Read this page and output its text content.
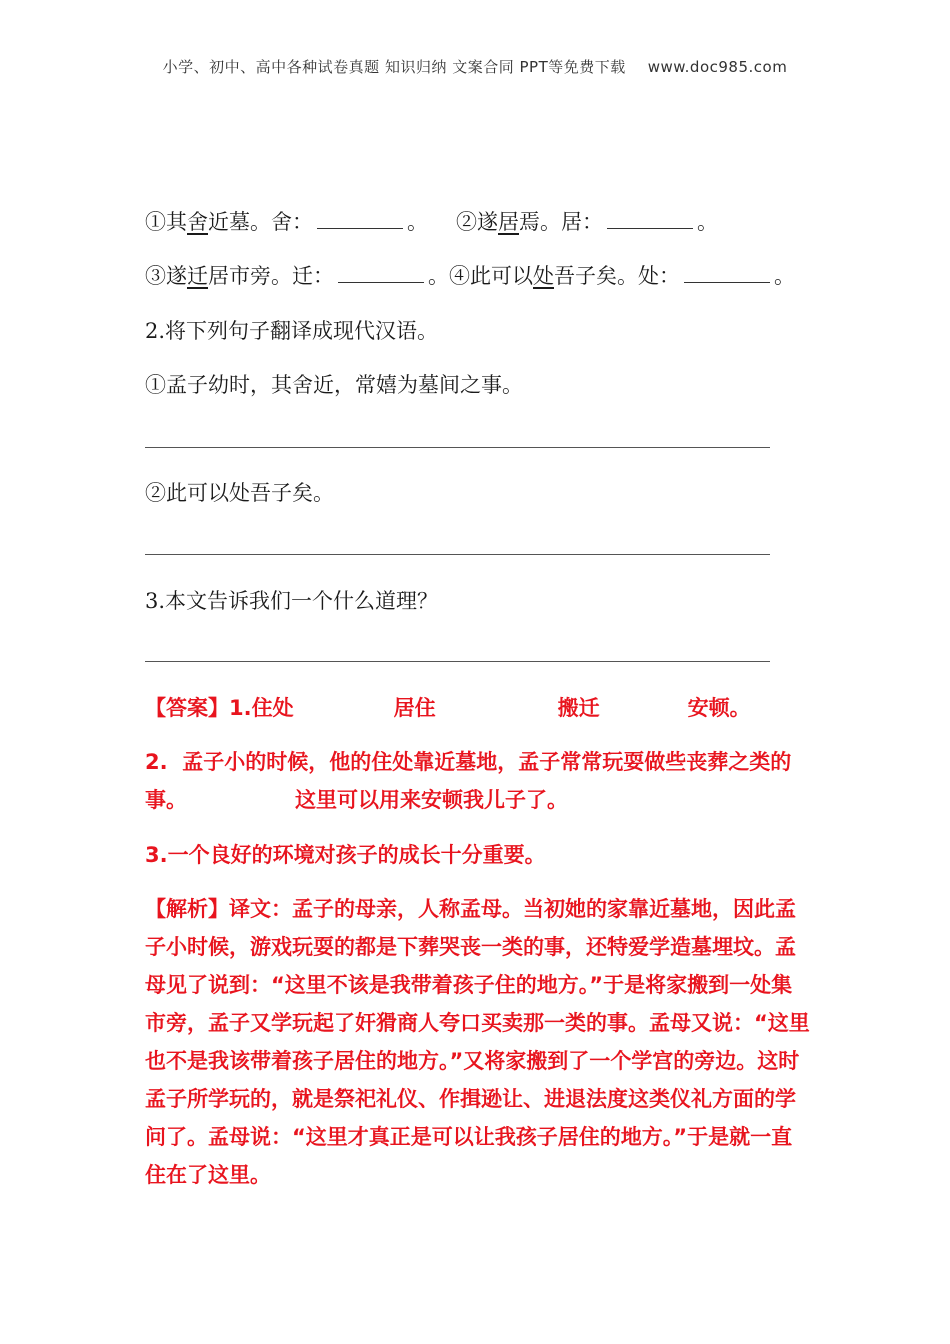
小学、初中、高中各种试卷真题 知识归纳 文案合同 PPT等免费下载 www.doc985.com
①其舍近墓。舍：	。 ②遂居焉。居：	。
③遂迁居市旁。迁：	。④此可以处吾子矣。处：	。
2.将下列句子翻译成现代汉语。
①孟子幼时，其舍近，常嬉为墓间之事。
②此可以处吾子矣。
3.本文告诉我们一个什么道理？
【答案】1.住处	居住	搬迁	安顿。
2. 孟子小的时候，他的住处靠近墓地，孟子常常玩耍做些丧葬之类的事。	这里可以用来安顿我儿子了。
3.一个良好的环境对孩子的成长十分重要。
【解析】译文：孟子的母亲，人称孟母。当初她的家靠近墓地，因此孟子小时候，游戏玩耍的都是下葬哭丧一类的事，还特爱学造墓埋坟。孟母见了说到：“这里不该是我带着孩子住的地方。”于是将家搬到一处集市旁，孟子又学玩起了奸猾商人夸口买卖那一类的事。孟母又说：“这里也不是我该带着孩子居住的地方。”又将家搬到了一个学宫的旁边。这时孟子所学玩的，就是祭祀礼仪、作揖逊让、进退法度这类仪礼方面的学问了。孟母说：“这里才真正是可以让我孩子居住的地方。”于是就一直住在了这里。
